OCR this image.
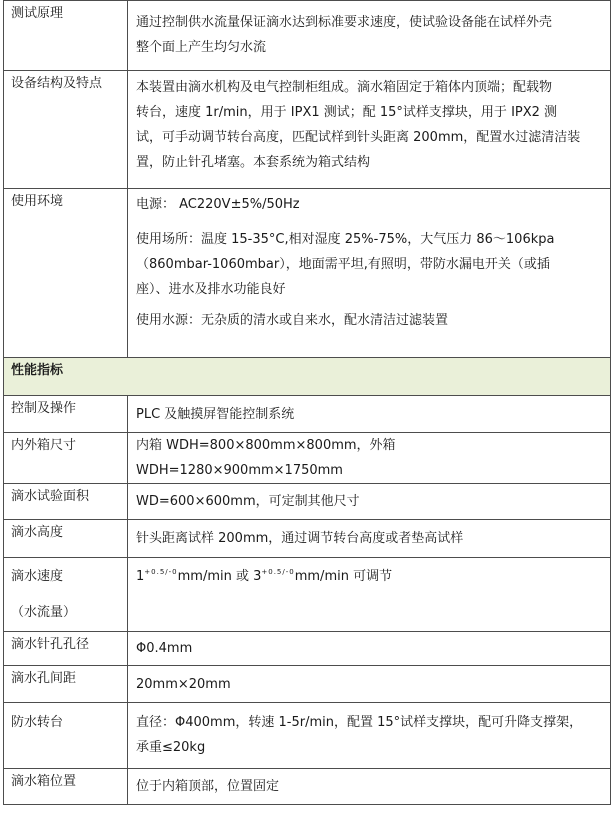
测试原理	通过控制供水流量保证滴水达到标准要求速度，使试验设备能在试样外壳

整个面上产生均匀水流

设备结构及特点	本装置由滴水机构及电气控制柜组成。滴水箱固定于箱体内顶端；配载物

转台，速度 1r/min，用于 IPX1 测试；配 15°试样支撑块，用于 IPX2 测

试，可手动调节转台高度，匹配试样到针头距离 200mm，配置水过滤清洁装

置，防止针孔堵塞。本套系统为箱式结构

使用环境	电源： AC220V±5%/50Hz

使用场所：温度 15-35°C,相对湿度 25%-75%，大气压力 86～106kpa

（860mbar-1060mbar），地面需平坦,有照明，带防水漏电开关（或插

座）、进水及排水功能良好

使用水源：无杂质的清水或自来水，配水清洁过滤装置

性能指标	
控制及操作	PLC 及触摸屏智能控制系统
内外箱尺寸	内箱 WDH=800×800mm×800mm，外箱 WDH=1280×900mm×1750mm
滴水试验面积	WD=600×600mm，可定制其他尺寸
滴水高度	针头距离试样 200mm，通过调节转台高度或者垫高试样

滴水速度
（水流量）	$1^{+0.5/-0}mm/\min$ 或 $3^{+0.5/-0}mm/\min$ 可调节
滴水针孔孔径	Φ0.4mm
滴水孔间距	20mm×20mm
防水转台	直径：Φ400mm，转速 1-5r/min，配置 15°试样支撑块，配可升降支撑架，

承重≤20kg

滴水箱位置	位于内箱顶部，位置固定
